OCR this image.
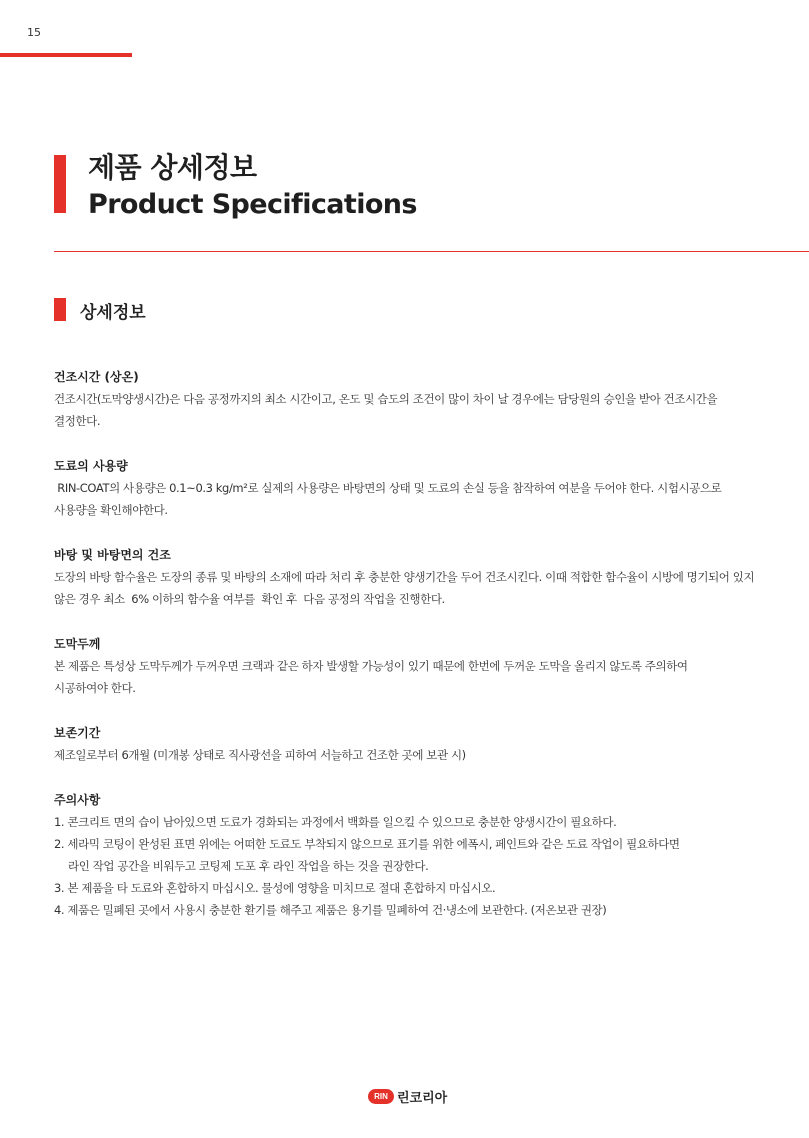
15
제품 상세정보
Product Specifications
상세정보
건조시간 (상온)
건조시간(도막양생시간)은 다음 공정까지의 최소 시간이고, 온도 및 습도의 조건이 많이 차이 날 경우에는 담당원의 승인을 받아 건조시간을
결정한다.
도료의 사용량
RIN-COAT의 사용량은 0.1~0.3 kg/m²로 실제의 사용량은 바탕면의 상태 및 도료의 손실 등을 참작하여 여분을 두어야 한다. 시험시공으로
사용량을 확인해야한다.
바탕 및 바탕면의 건조
도장의 바탕 함수율은 도장의 종류 및 바탕의 소재에 따라 처리 후 충분한 양생기간을 두어 건조시킨다. 이때 적합한 함수율이 시방에 명기되어 있지
않은 경우 최소  6% 이하의 함수율 여부를  확인 후  다음 공정의 작업을 진행한다.
도막두께
본 제품은 특성상 도막두께가 두꺼우면 크랙과 같은 하자 발생할 가능성이 있기 때문에 한번에 두꺼운 도막을 올리지 않도록 주의하여
시공하여야 한다.
보존기간
제조일로부터 6개월 (미개봉 상태로 직사광선을 피하여 서늘하고 건조한 곳에 보관 시)
주의사항
1. 콘크리트 면의 습이 남아있으면 도료가 경화되는 과정에서 백화를 일으킬 수 있으므로 충분한 양생시간이 필요하다.
2. 세라믹 코팅이 완성된 표면 위에는 어떠한 도료도 부착되지 않으므로 표기를 위한 에폭시, 페인트와 같은 도료 작업이 필요하다면
라인 작업 공간을 비워두고 코팅제 도포 후 라인 작업을 하는 것을 권장한다.
3. 본 제품을 타 도료와 혼합하지 마십시오. 물성에 영향을 미치므로 절대 혼합하지 마십시오.
4. 제품은 밀폐된 곳에서 사용시 충분한 환기를 해주고 제품은 용기를 밀폐하여 건·냉소에 보관한다. (저온보관 권장)
RIN 린코리아
